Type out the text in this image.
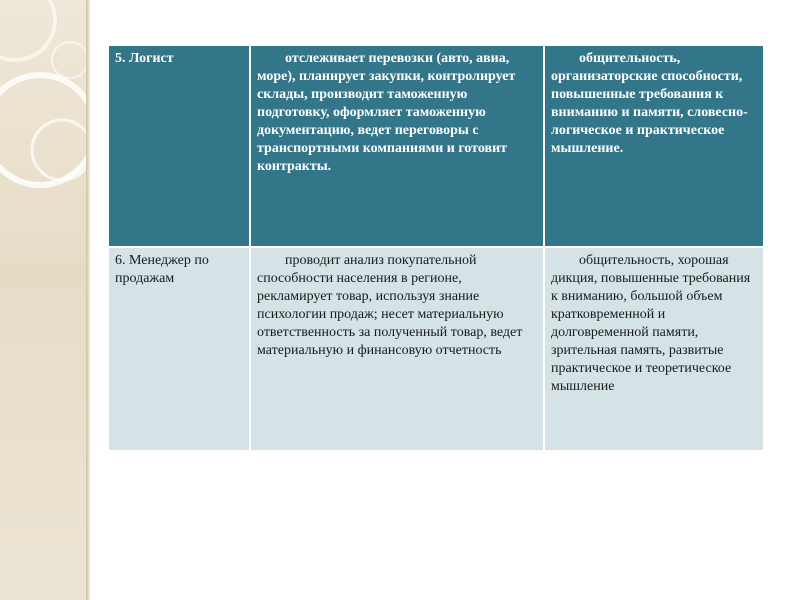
5. Логист	отслеживает перевозки (авто, авиа, море), планирует закупки, контролирует склады, производит таможенную подготовку, оформляет таможенную документацию, ведет переговоры с транспортными компаниями и готовит контракты.	общительность, организаторские способности, повышенные требования к вниманию и памяти, словесно-логическое и практическое мышление.
6. Менеджер по продажам	проводит анализ покупательной способности населения в регионе, рекламирует товар, используя знание психологии продаж; несет материальную ответственность за полученный товар, ведет материальную и финансовую отчетность	общительность, хорошая дикция, повышенные требования к вниманию, большой объем кратковременной и долговременной памяти, зрительная память, развитые практическое и теоретическое мышление
